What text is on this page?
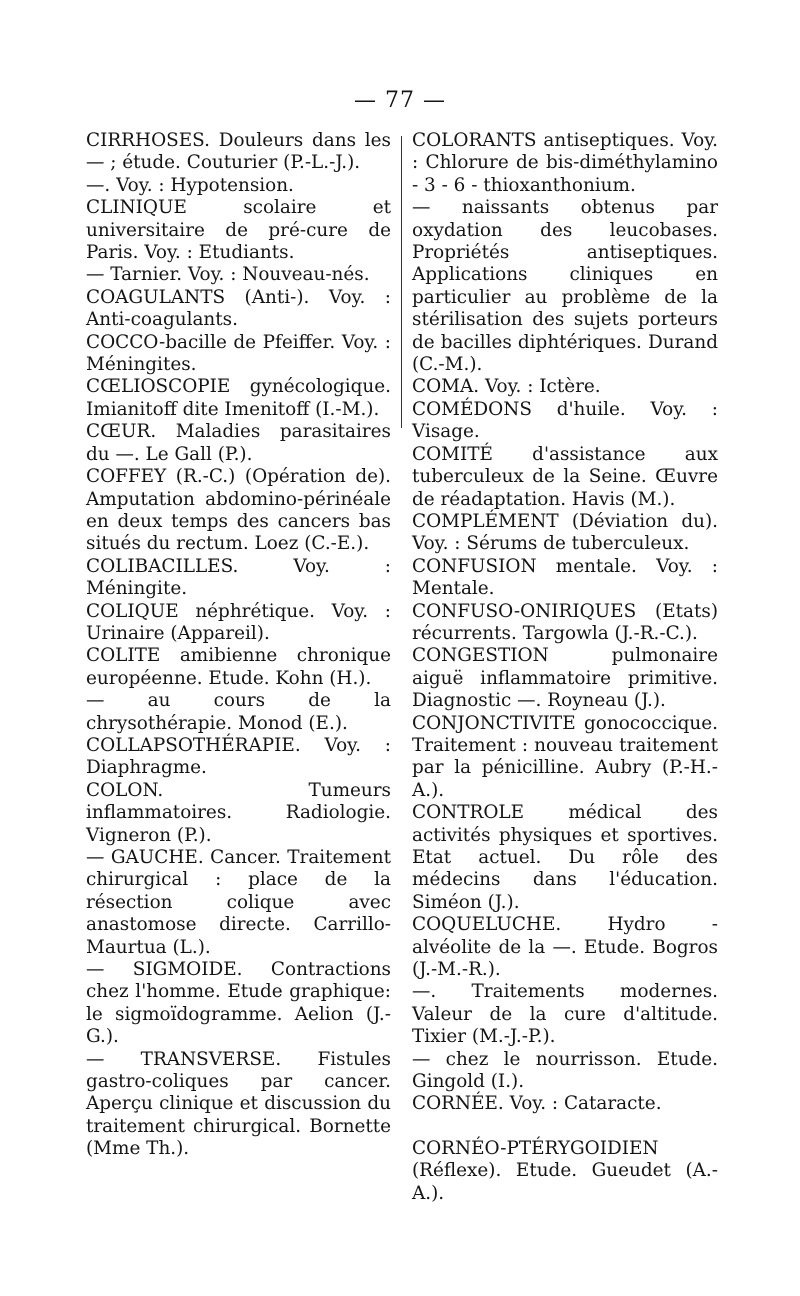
— 77 —

CIRRHOSES. Douleurs dans les — ; étude. Couturier (P.-L.-J.).

—. Voy. : Hypotension.

CLINIQUE scolaire et universitaire de pré-cure de Paris. Voy. : Etudiants.

— Tarnier. Voy. : Nouveau-nés.

COAGULANTS (Anti-). Voy. : Anti-coagulants.

COCCO-bacille de Pfeiffer. Voy. : Méningites.

CŒLIOSCOPIE gynécologique. Imianitoff dite Imenitoff (I.-M.).

CŒUR. Maladies parasitaires du —. Le Gall (P.).

COFFEY (R.-C.) (Opération de). Amputation abdomino-périnéale en deux temps des cancers bas situés du rectum. Loez (C.-E.).

COLIBACILLES. Voy. : Méningite.

COLIQUE néphrétique. Voy. : Urinaire (Appareil).

COLITE amibienne chronique européenne. Etude. Kohn (H.).

— au cours de la chrysothérapie. Monod (E.).

COLLAPSOTHÉRAPIE. Voy. : Diaphragme.

COLON. Tumeurs inflammatoires. Radiologie. Vigneron (P.).

— GAUCHE. Cancer. Traitement chirurgical : place de la résection colique avec anastomose directe. Carrillo-Maurtua (L.).

— SIGMOIDE. Contractions chez l'homme. Etude graphique: le sigmoïdogramme. Aelion (J.-G.).

— TRANSVERSE. Fistules gastro-coliques par cancer. Aperçu clinique et discussion du traitement chirurgical. Bornette (Mme Th.).

COLORANTS antiseptiques. Voy. : Chlorure de bis-diméthylamino - 3 - 6 - thioxanthonium.

— naissants obtenus par oxydation des leucobases. Propriétés antiseptiques. Applications cliniques en particulier au problème de la stérilisation des sujets porteurs de bacilles diphtériques. Durand (C.-M.).

COMA. Voy. : Ictère.

COMÉDONS d'huile. Voy. : Visage.

COMITÉ d'assistance aux tuberculeux de la Seine. Œuvre de réadaptation. Havis (M.).

COMPLÉMENT (Déviation du). Voy. : Sérums de tuberculeux.

CONFUSION mentale. Voy. : Mentale.

CONFUSO-ONIRIQUES (Etats) récurrents. Targowla (J.-R.-C.).

CONGESTION pulmonaire aiguë inflammatoire primitive. Diagnostic —. Royneau (J.).

CONJONCTIVITE gonococcique. Traitement : nouveau traitement par la pénicilline. Aubry (P.-H.-A.).

CONTROLE médical des activités physiques et sportives. Etat actuel. Du rôle des médecins dans l'éducation. Siméon (J.).

COQUELUCHE. Hydro - alvéolite de la —. Etude. Bogros (J.-M.-R.).

—. Traitements modernes. Valeur de la cure d'altitude. Tixier (M.-J.-P.).

— chez le nourrisson. Etude. Gingold (I.).

CORNÉE. Voy. : Cataracte.

CORNÉO-PTÉRYGOIDIEN (Réflexe). Etude. Gueudet (A.-A.).
